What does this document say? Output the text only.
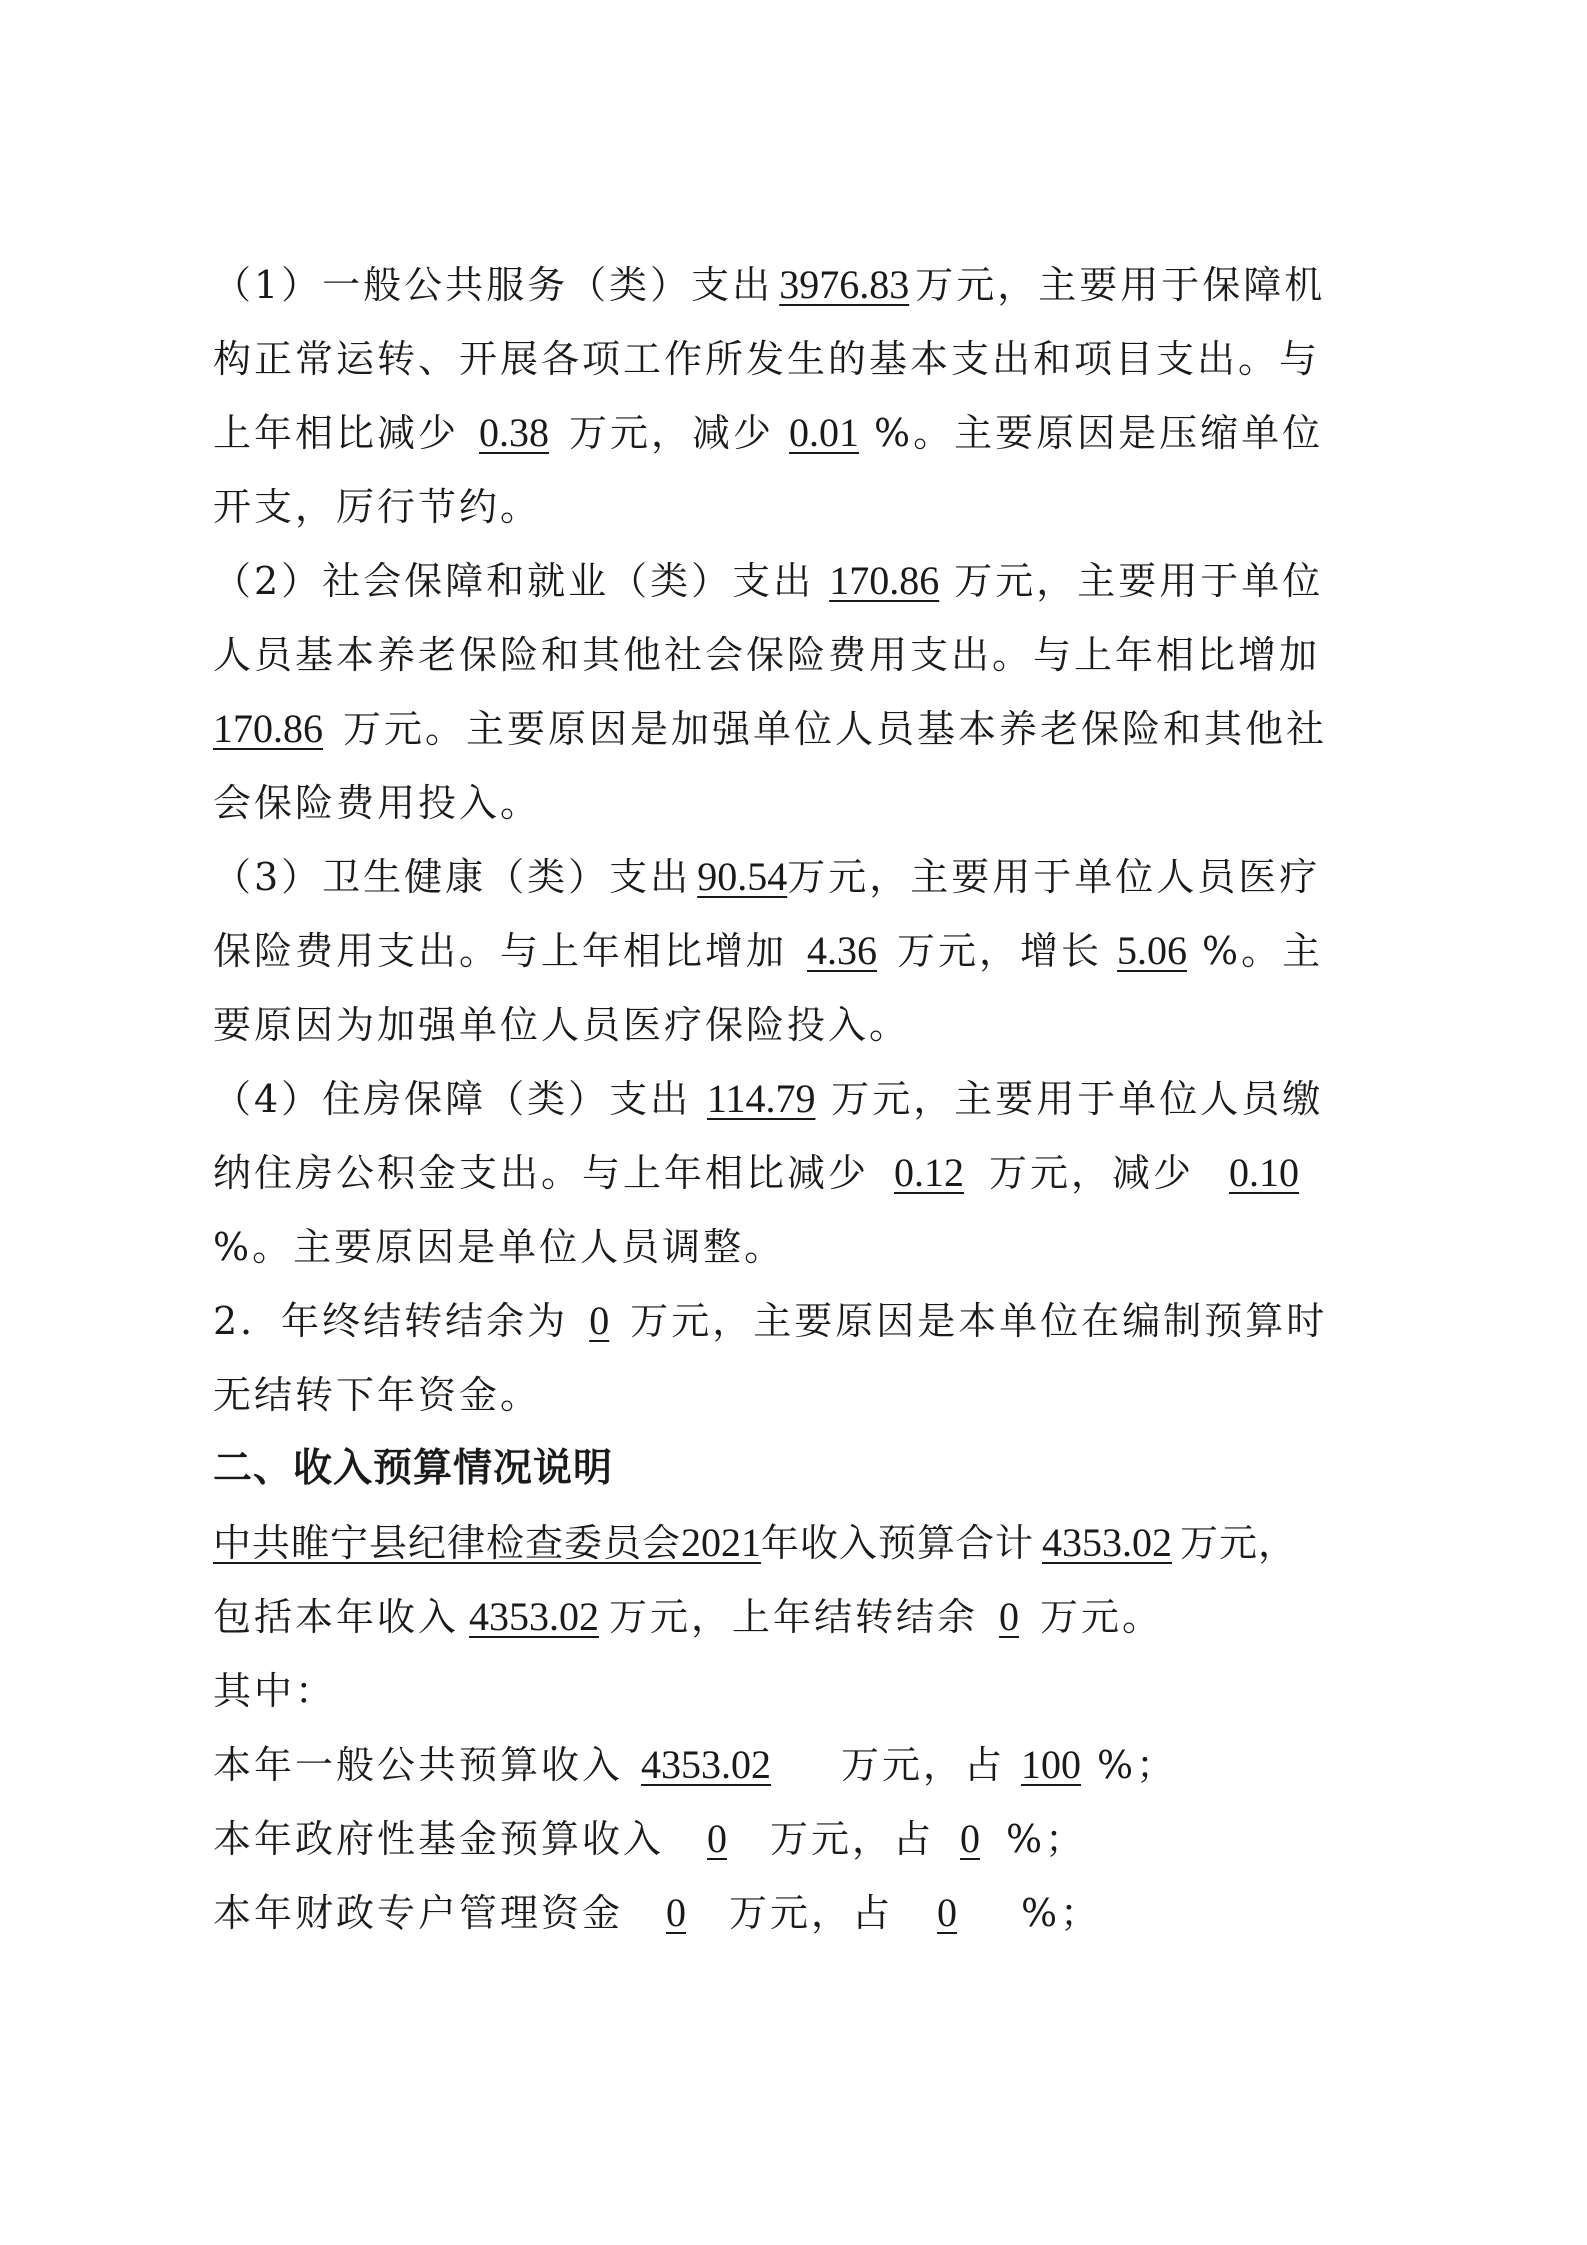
（1）一般公共服务（类）支出 3976.83 万元，主要用于保障机
构正常运转、开展各项工作所发生的基本支出和项目支出。与
上年相比减少 0.38 万元，减少 0.01 %。主要原因是压缩单位
开支，厉行节约。
（2）社会保障和就业（类）支出 170.86 万元，主要用于单位
人员基本养老保险和其他社会保险费用支出。与上年相比增加
170.86 万元。主要原因是加强单位人员基本养老保险和其他社
会保险费用投入。
（3）卫生健康（类）支出 90.54万元，主要用于单位人员医疗
保险费用支出。与上年相比增加 4.36 万元，增长 5.06 %。主
要原因为加强单位人员医疗保险投入。
（4）住房保障（类）支出 114.79 万元，主要用于单位人员缴
纳住房公积金支出。与上年相比减少 0.12 万元，减少 0.10
%。主要原因是单位人员调整。
2．年终结转结余为 0 万元，主要原因是本单位在编制预算时
无结转下年资金。
二、收入预算情况说明
中共睢宁县纪律检查委员会2021年收入预算合计 4353.02 万元，
包括本年收入 4353.02 万元，上年结转结余 0 万元。
其中：
本年一般公共预算收入 4353.02 万元，占 100 %；
本年政府性基金预算收入 0 万元，占 0 %；
本年财政专户管理资金 0 万元，占 0 %；
